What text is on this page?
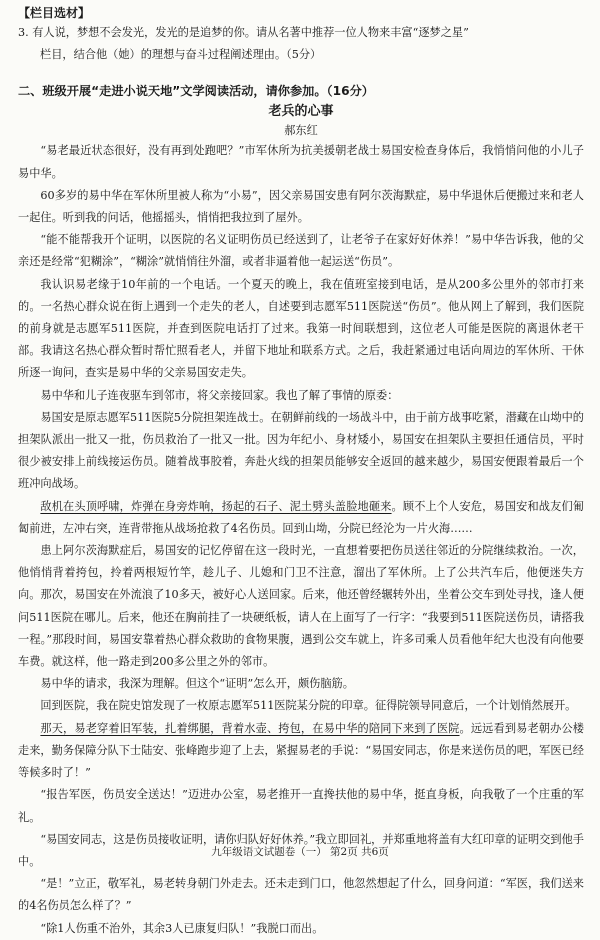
【栏目选材】

3. 有人说，梦想不会发光，发光的是追梦的你。请从名著中推荐一位人物来丰富“逐梦之星”

栏目，结合他（她）的理想与奋斗过程阐述理由。（5分）

二、班级开展“走进小说天地”文学阅读活动，请你参加。（16分）

老兵的心事

郝东红

“易老最近状态很好，没有再到处跑吧？”市军休所为抗美援朝老战士易国安检查身体后，我悄悄问他的小儿子易中华。

60多岁的易中华在军休所里被人称为“小易”，因父亲易国安患有阿尔茨海默症，易中华退休后便搬过来和老人一起住。听到我的问话，他摇摇头，悄悄把我拉到了屋外。

“能不能帮我开个证明，以医院的名义证明伤员已经送到了，让老爷子在家好好休养！”易中华告诉我，他的父亲还是经常“犯糊涂”，“糊涂”就悄悄往外溜，或者非逼着他一起运送“伤员”。

我认识易老缘于10年前的一个电话。一个夏天的晚上，我在值班室接到电话，是从200多公里外的邻市打来的。一名热心群众说在街上遇到一个走失的老人，自述要到志愿军511医院送“伤员”。他从网上了解到，我们医院的前身就是志愿军511医院，并查到医院电话打了过来。我第一时间联想到，这位老人可能是医院的离退休老干部。我请这名热心群众暂时帮忙照看老人，并留下地址和联系方式。之后，我赶紧通过电话向周边的军休所、干休所逐一询问，查实是易中华的父亲易国安走失。

易中华和儿子连夜驱车到邻市，将父亲接回家。我也了解了事情的原委：

易国安是原志愿军511医院5分院担架连战士。在朝鲜前线的一场战斗中，由于前方战事吃紧，潜藏在山坳中的担架队派出一批又一批，伤员救治了一批又一批。因为年纪小、身材矮小，易国安在担架队主要担任通信员，平时很少被安排上前线接运伤员。随着战事胶着，奔赴火线的担架员能够安全返回的越来越少，易国安便跟着最后一个班冲向战场。

敌机在头顶呼啸，炸弹在身旁炸响，扬起的石子、泥土劈头盖脸地砸来。顾不上个人安危，易国安和战友们匍匐前进，左冲右突，连背带拖从战场抢救了4名伤员。回到山坳，分院已经沦为一片火海……

患上阿尔茨海默症后，易国安的记忆停留在这一段时光，一直想着要把伤员送往邻近的分院继续救治。一次，他悄悄背着挎包，拎着两根短竹竿，趁儿子、儿媳和门卫不注意，溜出了军休所。上了公共汽车后，他便迷失方向。那次，易国安在外流浪了10多天，被好心人送回家。后来，他还曾经辗转外出，坐着公交车到处寻找，逢人便问511医院在哪儿。后来，他还在胸前挂了一块硬纸板，请人在上面写了一行字：“我要到511医院送伤员，请搭我一程。”那段时间，易国安靠着热心群众救助的食物果腹，遇到公交车就上，许多司乘人员看他年纪大也没有向他要车费。就这样，他一路走到200多公里之外的邻市。

易中华的请求，我深为理解。但这个“证明”怎么开，颇伤脑筋。

回到医院，我在院史馆发现了一枚原志愿军511医院某分院的印章。征得院领导同意后，一个计划悄然展开。

那天，易老穿着旧军装，扎着绑腿，背着水壶、挎包，在易中华的陪同下来到了医院。远远看到易老朝办公楼走来，勤务保障分队下士陆安、张峰跑步迎了上去，紧握易老的手说：“易国安同志，你是来送伤员的吧，军医已经等候多时了！”

“报告军医，伤员安全送达！”迈进办公室，易老推开一直搀扶他的易中华，挺直身板，向我敬了一个庄重的军礼。

“易国安同志，这是伤员接收证明，请你归队好好休养。”我立即回礼，并郑重地将盖有大红印章的证明交到他手中。

“是！”立正，敬军礼，易老转身朝门外走去。还未走到门口，他忽然想起了什么，回身问道：“军医，我们送来的4名伤员怎么样了？”

“除1人伤重不治外，其余3人已康复归队！”我脱口而出。

九年级语文试题卷（一） 第2页 共6页
